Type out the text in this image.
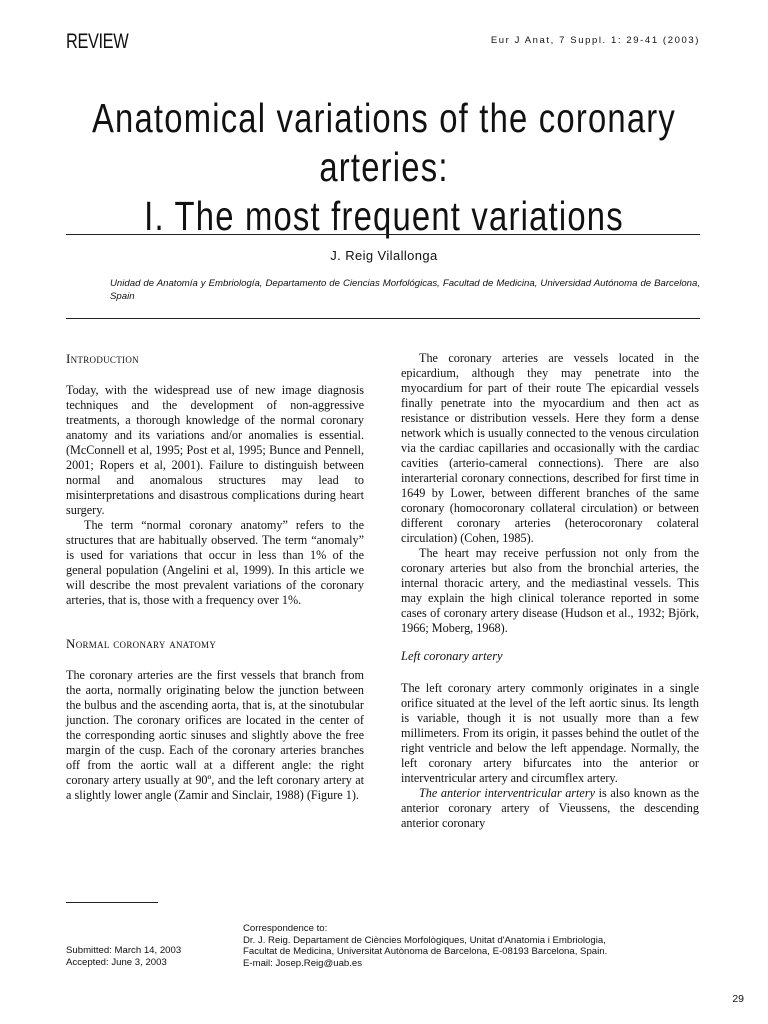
REVIEW	Eur J Anat, 7 Suppl. 1: 29-41 (2003)
Anatomical variations of the coronary arteries:
I. The most frequent variations
J. Reig Vilallonga
Unidad de Anatomía y Embriología, Departamento de Ciencias Morfológicas, Facultad de Medicina, Universidad Autónoma de Barcelona, Spain
Introduction

Today, with the widespread use of new image diagnosis techniques and the development of non-aggressive treatments, a thorough knowledge of the normal coronary anatomy and its variations and/or anomalies is essential. (McConnell et al, 1995; Post et al, 1995; Bunce and Pennell, 2001; Ropers et al, 2001). Failure to distinguish between normal and anomalous structures may lead to misinterpretations and disastrous complications during heart surgery.

The term “normal coronary anatomy” refers to the structures that are habitually observed. The term “anomaly” is used for variations that occur in less than 1% of the general population (Angelini et al, 1999). In this article we will describe the most prevalent variations of the coronary arteries, that is, those with a frequency over 1%.

Normal coronary anatomy

The coronary arteries are the first vessels that branch from the aorta, normally originating below the junction between the bulbus and the ascending aorta, that is, at the sinotubular junction. The coronary orifices are located in the center of the corresponding aortic sinuses and slightly above the free margin of the cusp. Each of the coronary arteries branches off from the aortic wall at a different angle: the right coronary artery usually at 90º, and the left coronary artery at a slightly lower angle (Zamir and Sinclair, 1988) (Figure 1).

The coronary arteries are vessels located in the epicardium, although they may penetrate into the myocardium for part of their route The epicardial vessels finally penetrate into the myocardium and then act as resistance or distribution vessels. Here they form a dense network which is usually connected to the venous circulation via the cardiac capillaries and occasionally with the cardiac cavities (arterio-cameral connections). There are also interarterial coronary connections, described for first time in 1649 by Lower, between different branches of the same coronary (homocoronary collateral circulation) or between different coronary arteries (heterocoronary colateral circulation) (Cohen, 1985).

The heart may receive perfussion not only from the coronary arteries but also from the bronchial arteries, the internal thoracic artery, and the mediastinal vessels. This may explain the high clinical tolerance reported in some cases of coronary artery disease (Hudson et al., 1932; Björk, 1966; Moberg, 1968).

Left coronary artery

The left coronary artery commonly originates in a single orifice situated at the level of the left aortic sinus. Its length is variable, though it is not usually more than a few millimeters. From its origin, it passes behind the outlet of the right ventricle and below the left appendage. Normally, the left coronary artery bifurcates into the anterior or interventricular artery and circumflex artery.

The anterior interventricular artery is also known as the anterior coronary artery of Vieussens, the descending anterior coronary

Submitted: March 14, 2003
Accepted: June 3, 2003
Correspondence to:
Dr. J. Reig. Departament de Ciències Morfològiques, Unitat d'Anatomia i Embriologia,
Facultat de Medicina, Universitat Autònoma de Barcelona, E-08193 Barcelona, Spain.
E-mail: Josep.Reig@uab.es
29
